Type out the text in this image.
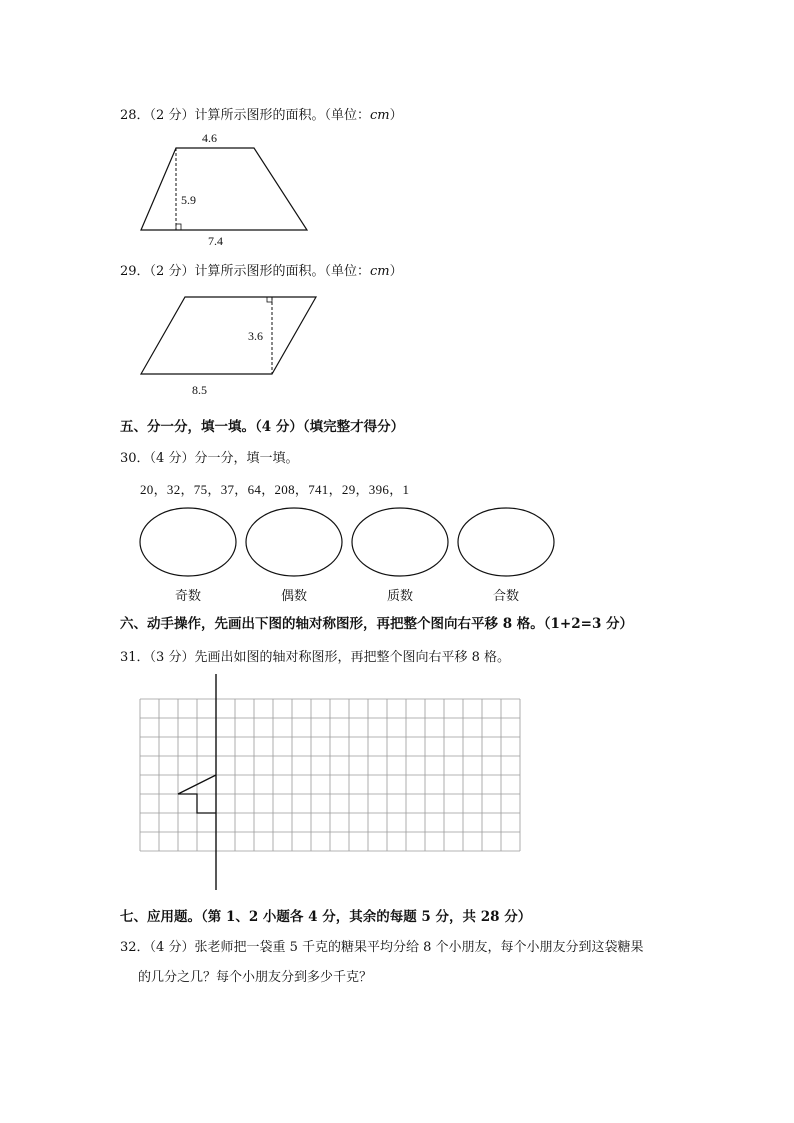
28．（2 分）计算所示图形的面积。（单位：cm）
4.6
5.9
7.4
29．（2 分）计算所示图形的面积。（单位：cm）
3.6
8.5
五、分一分，填一填。（4 分）（填完整才得分）
30．（4 分）分一分，填一填。
20，32，75，37，64，208，741，29，396，1
奇数	偶数	质数	合数
六、动手操作，先画出下图的轴对称图形，再把整个图向右平移 8 格。（1+2=3 分）
31．（3 分）先画出如图的轴对称图形，再把整个图向右平移 8 格。
七、应用题。（第 1、2 小题各 4 分，其余的每题 5 分，共 28 分）
32．（4 分）张老师把一袋重 5 千克的糖果平均分给 8 个小朋友，每个小朋友分到这袋糖果
的几分之几？每个小朋友分到多少千克？
